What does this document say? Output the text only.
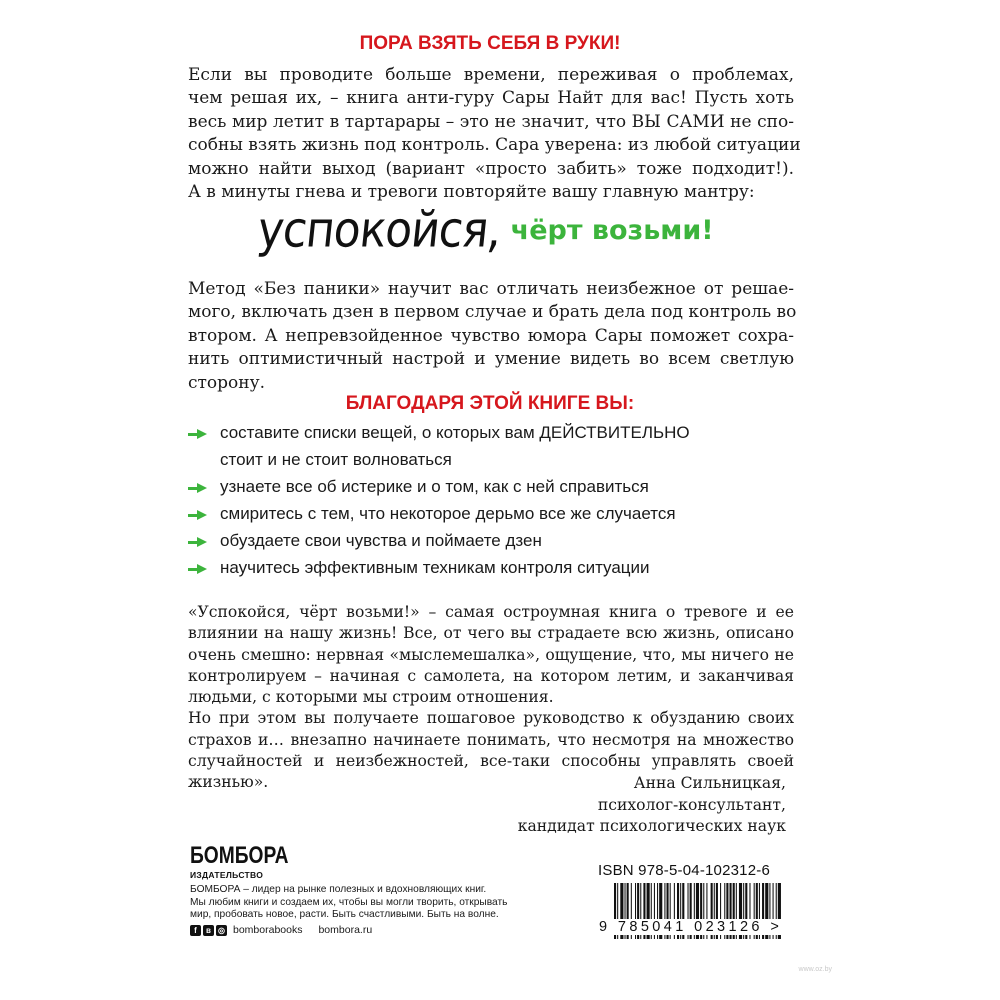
ПОРА ВЗЯТЬ СЕБЯ В РУКИ!
Если вы проводите больше времени, переживая о проблемах,
чем решая их, – книга анти-гуру Сары Найт для вас! Пусть хоть
весь мир летит в тартарары – это не значит, что ВЫ САМИ не спо-
собны взять жизнь под контроль. Сара уверена: из любой ситуации
можно найти выход (вариант «просто забить» тоже подходит!).
А в минуты гнева и тревоги повторяйте вашу главную мантру:
успокойся, чёрт возьми!
Метод «Без паники» научит вас отличать неизбежное от решае-
мого, включать дзен в первом случае и брать дела под контроль во
втором. А непревзойденное чувство юмора Сары поможет сохра-
нить оптимистичный настрой и умение видеть во всем светлую
сторону.
БЛАГОДАРЯ ЭТОЙ КНИГЕ ВЫ:
составите списки вещей, о которых вам ДЕЙСТВИТЕЛЬНО
стоит и не стоит волноваться
узнаете все об истерике и о том, как с ней справиться
смиритесь с тем, что некоторое дерьмо все же случается
обуздаете свои чувства и поймаете дзен
научитесь эффективным техникам контроля ситуации
«Успокойся, чёрт возьми!» – самая остроумная книга о тревоге и ее
влиянии на нашу жизнь! Все, от чего вы страдаете всю жизнь, описано
очень смешно: нервная «мыслемешалка», ощущение, что, мы ничего не
контролируем – начиная с самолета, на котором летим, и заканчивая
людьми, с которыми мы строим отношения.
Но при этом вы получаете пошаговое руководство к обузданию своих
страхов и… внезапно начинаете понимать, что несмотря на множество
случайностей и неизбежностей, все-таки способны управлять своей
жизнью».	Анна Сильницкая,
психолог-консультант,
кандидат психологических наук
БОМБОРА
ИЗДАТЕЛЬСТВО
БОМБОРА – лидер на рынке полезных и вдохновляющих книг.
Мы любим книги и создаем их, чтобы вы могли творить, открывать
мир, пробовать новое, расти. Быть счастливыми. Быть на волне.
f	в ◎ bomborabooks bombora.ru
ISBN 978-5-04-102312-6
9 785041 023126 >
www.oz.by
